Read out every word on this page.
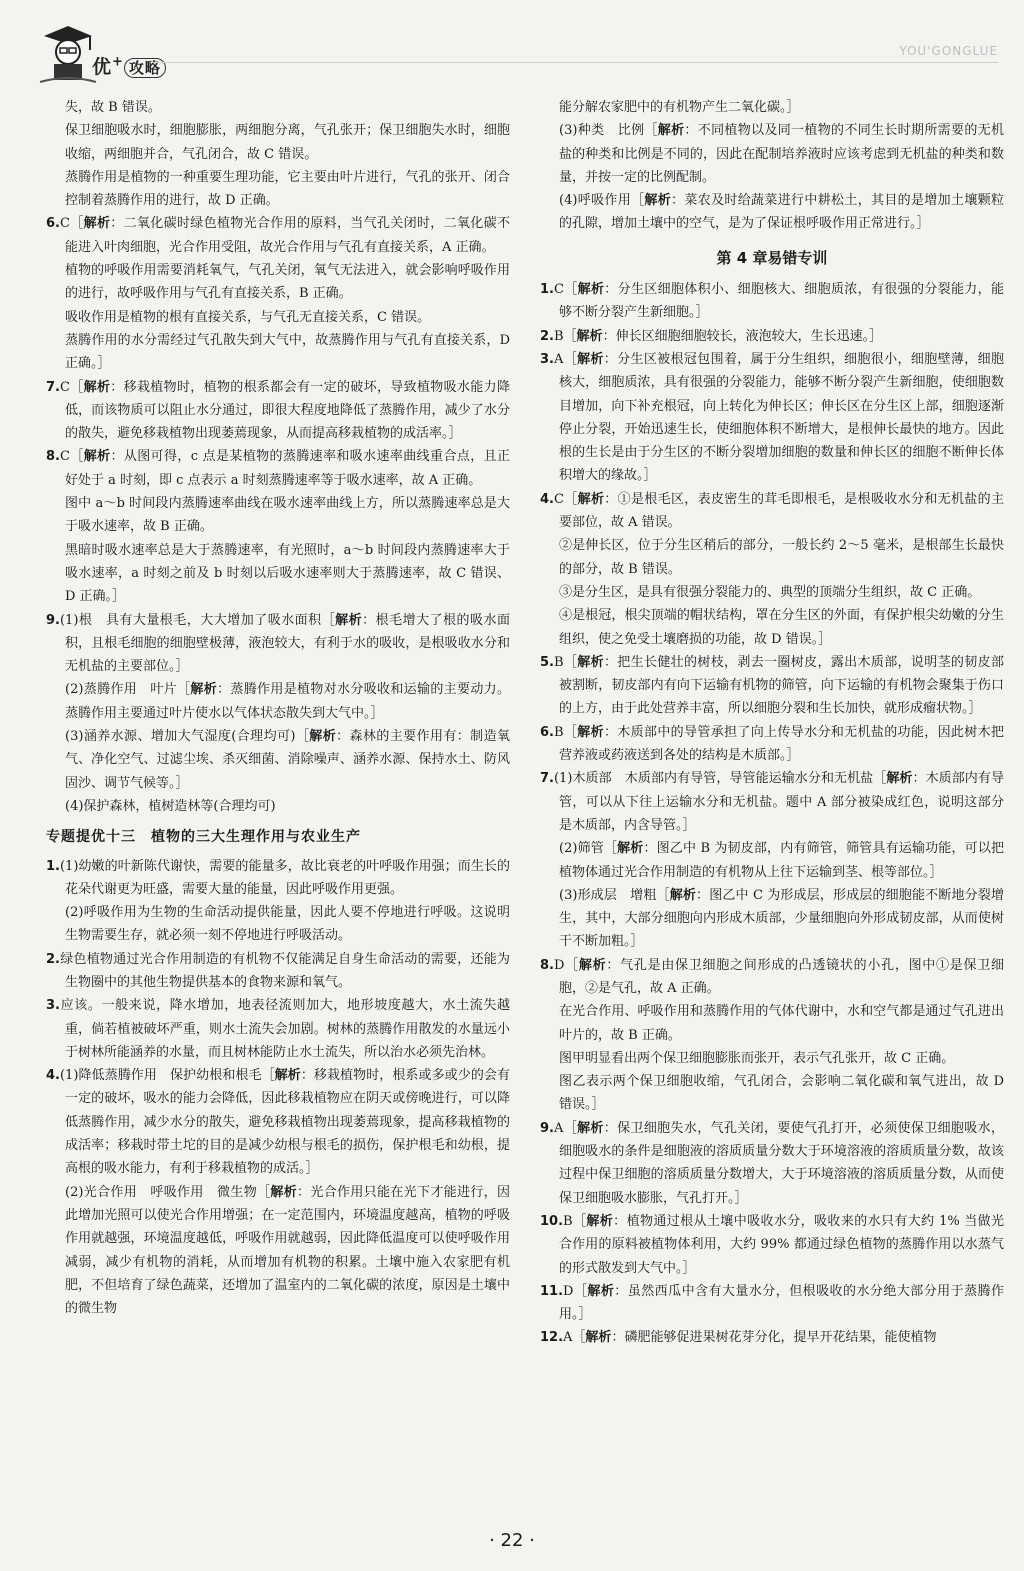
优+ 攻略
YOU'GONGLUE

失，故 B 错误。

保卫细胞吸水时，细胞膨胀，两细胞分离，气孔张开；保卫细胞失水时，细胞收缩，两细胞并合，气孔闭合，故 C 错误。

蒸腾作用是植物的一种重要生理功能，它主要由叶片进行，气孔的张开、闭合控制着蒸腾作用的进行，故 D 正确。

6.C［解析：二氧化碳时绿色植物光合作用的原料，当气孔关闭时，二氧化碳不能进入叶肉细胞，光合作用受阻，故光合作用与气孔有直接关系，A 正确。

植物的呼吸作用需要消耗氧气，气孔关闭，氧气无法进入，就会影响呼吸作用的进行，故呼吸作用与气孔有直接关系，B 正确。

吸收作用是植物的根有直接关系，与气孔无直接关系，C 错误。

蒸腾作用的水分需经过气孔散失到大气中，故蒸腾作用与气孔有直接关系，D 正确。］

7.C［解析：移栽植物时，植物的根系都会有一定的破坏，导致植物吸水能力降低，而该物质可以阻止水分通过，即很大程度地降低了蒸腾作用，减少了水分的散失，避免移栽植物出现萎蔫现象，从而提高移栽植物的成活率。］

8.C［解析：从图可得，c 点是某植物的蒸腾速率和吸水速率曲线重合点，且正好处于 a 时刻，即 c 点表示 a 时刻蒸腾速率等于吸水速率，故 A 正确。

图中 a～b 时间段内蒸腾速率曲线在吸水速率曲线上方，所以蒸腾速率总是大于吸水速率，故 B 正确。

黑暗时吸水速率总是大于蒸腾速率，有光照时，a～b 时间段内蒸腾速率大于吸水速率，a 时刻之前及 b 时刻以后吸水速率则大于蒸腾速率，故 C 错误、D 正确。］

9.(1)根　具有大量根毛，大大增加了吸水面积［解析：根毛增大了根的吸水面积，且根毛细胞的细胞壁极薄，液泡较大，有利于水的吸收，是根吸收水分和无机盐的主要部位。］

(2)蒸腾作用　叶片［解析：蒸腾作用是植物对水分吸收和运输的主要动力。蒸腾作用主要通过叶片使水以气体状态散失到大气中。］

(3)涵养水源、增加大气湿度(合理均可)［解析：森林的主要作用有：制造氧气、净化空气、过滤尘埃、杀灭细菌、消除噪声、涵养水源、保持水土、防风固沙、调节气候等。］

(4)保护森林，植树造林等(合理均可)

专题提优十三　植物的三大生理作用与农业生产

1.(1)幼嫩的叶新陈代谢快，需要的能量多，故比衰老的叶呼吸作用强；而生长的花朵代谢更为旺盛，需要大量的能量，因此呼吸作用更强。

(2)呼吸作用为生物的生命活动提供能量，因此人要不停地进行呼吸。这说明生物需要生存，就必须一刻不停地进行呼吸活动。

2.绿色植物通过光合作用制造的有机物不仅能满足自身生命活动的需要，还能为生物圈中的其他生物提供基本的食物来源和氧气。

3.应该。一般来说，降水增加，地表径流则加大，地形坡度越大，水土流失越重，倘若植被破坏严重，则水土流失会加剧。树林的蒸腾作用散发的水量远小于树林所能涵养的水量，而且树林能防止水土流失，所以治水必须先治林。

4.(1)降低蒸腾作用　保护幼根和根毛［解析：移栽植物时，根系或多或少的会有一定的破坏，吸水的能力会降低，因此移栽植物应在阴天或傍晚进行，可以降低蒸腾作用，减少水分的散失，避免移栽植物出现萎蔫现象，提高移栽植物的成活率；移栽时带土坨的目的是减少幼根与根毛的损伤，保护根毛和幼根，提高根的吸水能力，有利于移栽植物的成活。］

(2)光合作用　呼吸作用　微生物［解析：光合作用只能在光下才能进行，因此增加光照可以使光合作用增强；在一定范围内，环境温度越高，植物的呼吸作用就越强，环境温度越低，呼吸作用就越弱，因此降低温度可以使呼吸作用减弱，减少有机物的消耗，从而增加有机物的积累。土壤中施入农家肥有机肥，不但培育了绿色蔬菜，还增加了温室内的二氧化碳的浓度，原因是土壤中的微生物

能分解农家肥中的有机物产生二氧化碳。］

(3)种类　比例［解析：不同植物以及同一植物的不同生长时期所需要的无机盐的种类和比例是不同的，因此在配制培养液时应该考虑到无机盐的种类和数量，并按一定的比例配制。

(4)呼吸作用［解析：菜农及时给蔬菜进行中耕松土，其目的是增加土壤颗粒的孔隙，增加土壤中的空气，是为了保证根呼吸作用正常进行。］

第 4 章易错专训

1.C［解析：分生区细胞体积小、细胞核大、细胞质浓，有很强的分裂能力，能够不断分裂产生新细胞。］

2.B［解析：伸长区细胞细胞较长，液泡较大，生长迅速。］

3.A［解析：分生区被根冠包围着，属于分生组织，细胞很小，细胞壁薄，细胞核大，细胞质浓，具有很强的分裂能力，能够不断分裂产生新细胞，使细胞数目增加，向下补充根冠，向上转化为伸长区；伸长区在分生区上部，细胞逐渐停止分裂，开始迅速生长，使细胞体积不断增大，是根伸长最快的地方。因此根的生长是由于分生区的不断分裂增加细胞的数量和伸长区的细胞不断伸长体积增大的缘故。］

4.C［解析：①是根毛区，表皮密生的茸毛即根毛，是根吸收水分和无机盐的主要部位，故 A 错误。

②是伸长区，位于分生区稍后的部分，一般长约 2～5 毫米，是根部生长最快的部分，故 B 错误。

③是分生区，是具有很强分裂能力的、典型的顶端分生组织，故 C 正确。

④是根冠，根尖顶端的帽状结构，罩在分生区的外面，有保护根尖幼嫩的分生组织，使之免受土壤磨损的功能，故 D 错误。］

5.B［解析：把生长健壮的树枝，剥去一圈树皮，露出木质部，说明茎的韧皮部被割断，韧皮部内有向下运输有机物的筛管，向下运输的有机物会聚集于伤口的上方，由于此处营养丰富，所以细胞分裂和生长加快，就形成瘤状物。］

6.B［解析：木质部中的导管承担了向上传导水分和无机盐的功能，因此树木把营养液或药液送到各处的结构是木质部。］

7.(1)木质部　木质部内有导管，导管能运输水分和无机盐［解析：木质部内有导管，可以从下往上运输水分和无机盐。题中 A 部分被染成红色，说明这部分是木质部，内含导管。］

(2)筛管［解析：图乙中 B 为韧皮部，内有筛管，筛管具有运输功能，可以把植物体通过光合作用制造的有机物从上往下运输到茎、根等部位。］

(3)形成层　增粗［解析：图乙中 C 为形成层，形成层的细胞能不断地分裂增生，其中，大部分细胞向内形成木质部，少量细胞向外形成韧皮部，从而使树干不断加粗。］

8.D［解析：气孔是由保卫细胞之间形成的凸透镜状的小孔，图中①是保卫细胞，②是气孔，故 A 正确。

在光合作用、呼吸作用和蒸腾作用的气体代谢中，水和空气都是通过气孔进出叶片的，故 B 正确。

图甲明显看出两个保卫细胞膨胀而张开，表示气孔张开，故 C 正确。

图乙表示两个保卫细胞收缩，气孔闭合，会影响二氧化碳和氧气进出，故 D 错误。］

9.A［解析：保卫细胞失水，气孔关闭，要使气孔打开，必须使保卫细胞吸水，细胞吸水的条件是细胞液的溶质质量分数大于环境溶液的溶质质量分数，故该过程中保卫细胞的溶质质量分数增大，大于环境溶液的溶质质量分数，从而使保卫细胞吸水膨胀，气孔打开。］

10.B［解析：植物通过根从土壤中吸收水分，吸收来的水只有大约 1% 当做光合作用的原料被植物体利用，大约 99% 都通过绿色植物的蒸腾作用以水蒸气的形式散发到大气中。］

11.D［解析：虽然西瓜中含有大量水分，但根吸收的水分绝大部分用于蒸腾作用。］

12.A［解析：磷肥能够促进果树花芽分化，提早开花结果，能使植物

· 22 ·
